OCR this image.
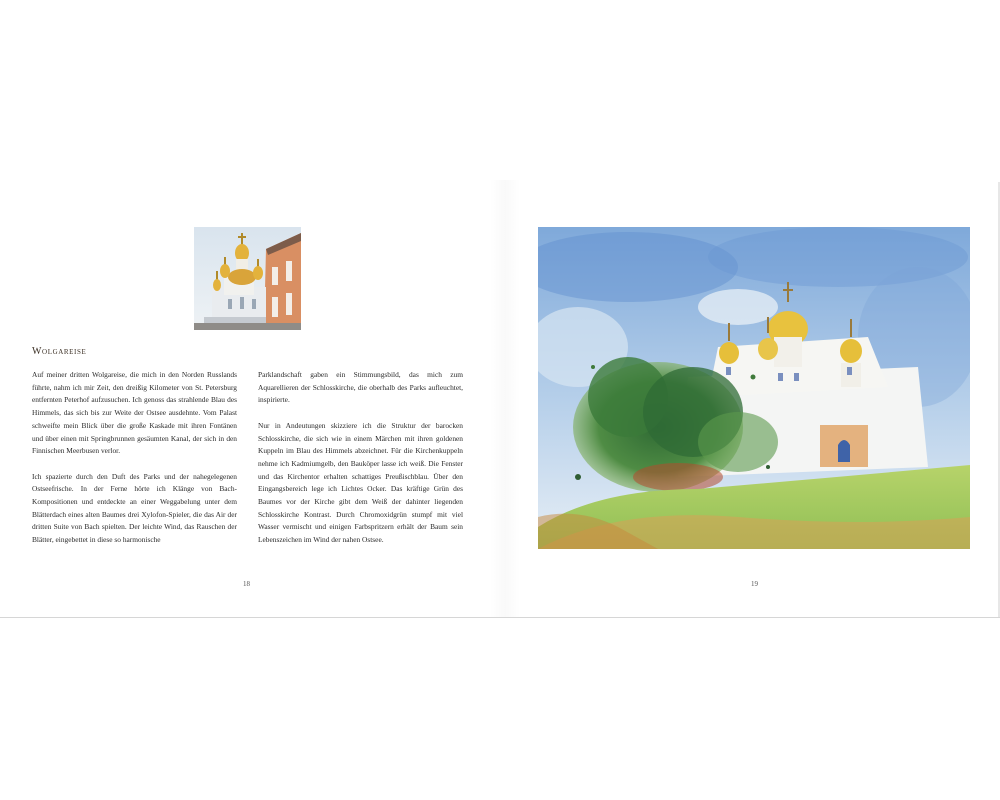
Wolgareise

Auf meiner dritten Wolgareise, die mich in den Norden Russlands führte, nahm ich mir Zeit, den dreißig Kilometer von St. Petersburg entfernten Peterhof aufzusuchen. Ich genoss das strahlende Blau des Himmels, das sich bis zur Weite der Ostsee ausdehnte. Vom Palast schweifte mein Blick über die große Kaskade mit ihren Fontänen und über einen mit Springbrunnen gesäumten Kanal, der sich in den Finnischen Meerbusen verlor.

Ich spazierte durch den Duft des Parks und der nahegelegenen Ostseefrische. In der Ferne hörte ich Klänge von Bach-Kompositionen und entdeckte an einer Weggabelung unter dem Blätterdach eines alten Baumes drei Xylofon-Spieler, die das Air der dritten Suite von Bach spielten. Der leichte Wind, das Rauschen der Blätter, eingebettet in diese so harmonische

Parklandschaft gaben ein Stimmungsbild, das mich zum Aquarellieren der Schlosskirche, die oberhalb des Parks aufleuchtet, inspirierte.

Nur in Andeutungen skizziere ich die Struktur der barocken Schlosskirche, die sich wie in einem Märchen mit ihren goldenen Kuppeln im Blau des Himmels abzeichnet. Für die Kirchenkuppeln nehme ich Kadmiumgelb, den Bauköper lasse ich weiß. Die Fenster und das Kirchentor erhalten schattiges Preußischblau. Über den Eingangsbereich lege ich Lichtes Ocker. Das kräftige Grün des Baumes vor der Kirche gibt dem Weiß der dahinter liegenden Schlosskirche Kontrast. Durch Chromoxidgrün stumpf mit viel Wasser vermischt und einigen Farbspritzern erhält der Baum sein Lebenszeichen im Wind der nahen Ostsee.

18	19
